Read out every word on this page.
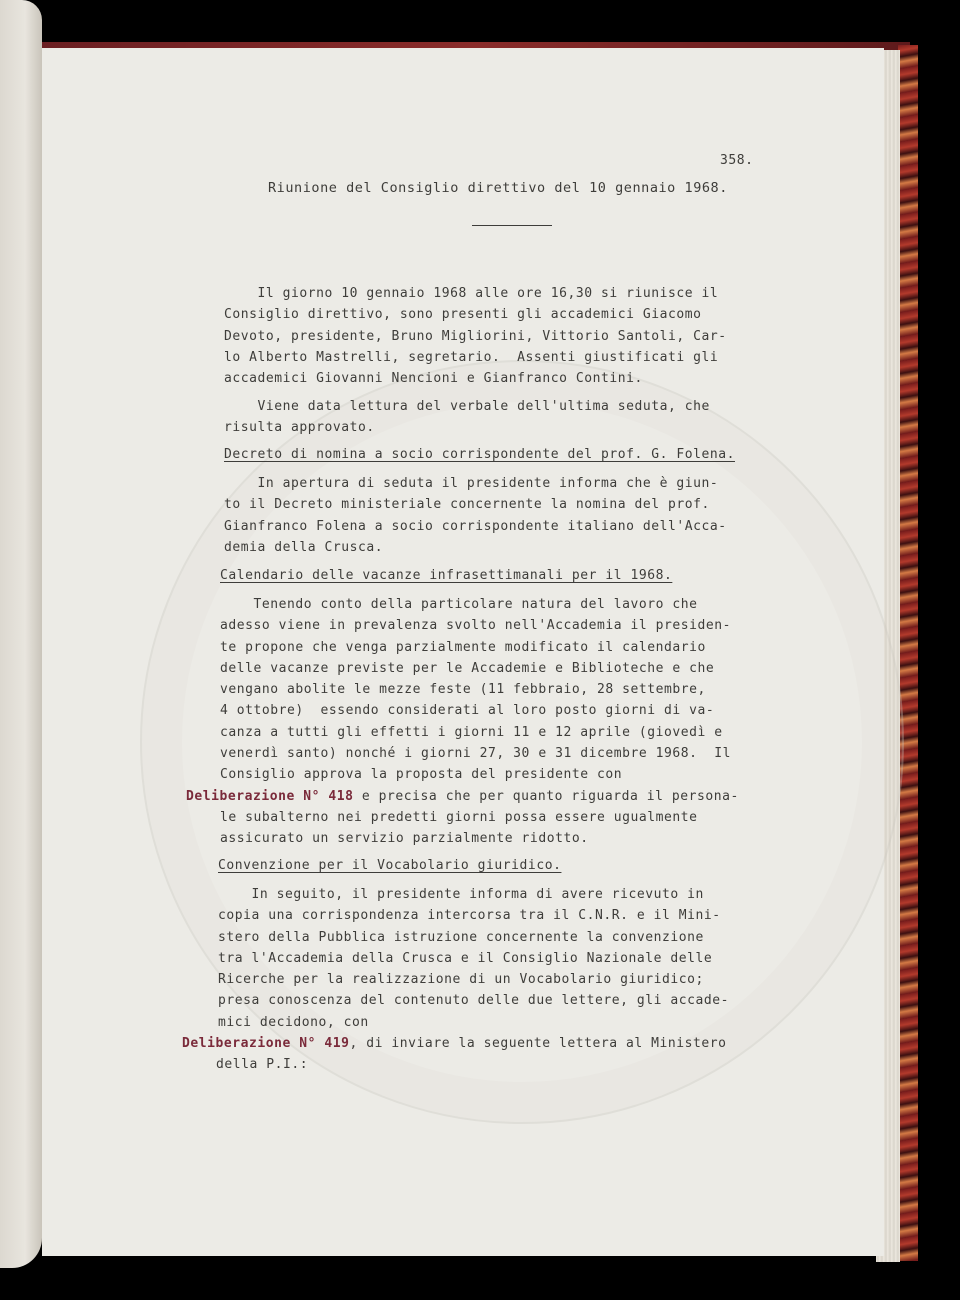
358.
Riunione del Consiglio direttivo del 10 gennaio 1968.

Il giorno 10 gennaio 1968 alle ore 16,30 si riunisce il

Consiglio direttivo, sono presenti gli accademici Giacomo

Devoto, presidente, Bruno Migliorini, Vittorio Santoli, Car-

lo Alberto Mastrelli, segretario.  Assenti giustificati gli

accademici Giovanni Nencioni e Gianfranco Contini.

Viene data lettura del verbale dell'ultima seduta, che

risulta approvato.

Decreto di nomina a socio corrispondente del prof. G. Folena.

In apertura di seduta il presidente informa che è giun-

to il Decreto ministeriale concernente la nomina del prof.

Gianfranco Folena a socio corrispondente italiano dell'Acca-

demia della Crusca.

Calendario delle vacanze infrasettimanali per il 1968.

Tenendo conto della particolare natura del lavoro che

adesso viene in prevalenza svolto nell'Accademia il presiden-

te propone che venga parzialmente modificato il calendario

delle vacanze previste per le Accademie e Biblioteche e che

vengano abolite le mezze feste (11 febbraio, 28 settembre,

4 ottobre)  essendo considerati al loro posto giorni di va-

canza a tutti gli effetti i giorni 11 e 12 aprile (giovedì e

venerdì santo) nonché i giorni 27, 30 e 31 dicembre 1968.  Il

Consiglio approva la proposta del presidente con

Deliberazione N° 418 e precisa che per quanto riguarda il persona-

le subalterno nei predetti giorni possa essere ugualmente

assicurato un servizio parzialmente ridotto.

Convenzione per il Vocabolario giuridico.

In seguito, il presidente informa di avere ricevuto in

copia una corrispondenza intercorsa tra il C.N.R. e il Mini-

stero della Pubblica istruzione concernente la convenzione

tra l'Accademia della Crusca e il Consiglio Nazionale delle

Ricerche per la realizzazione di un Vocabolario giuridico;

presa conoscenza del contenuto delle due lettere, gli accade-

mici decidono, con

Deliberazione N° 419, di inviare la seguente lettera al Ministero

della P.I.:
